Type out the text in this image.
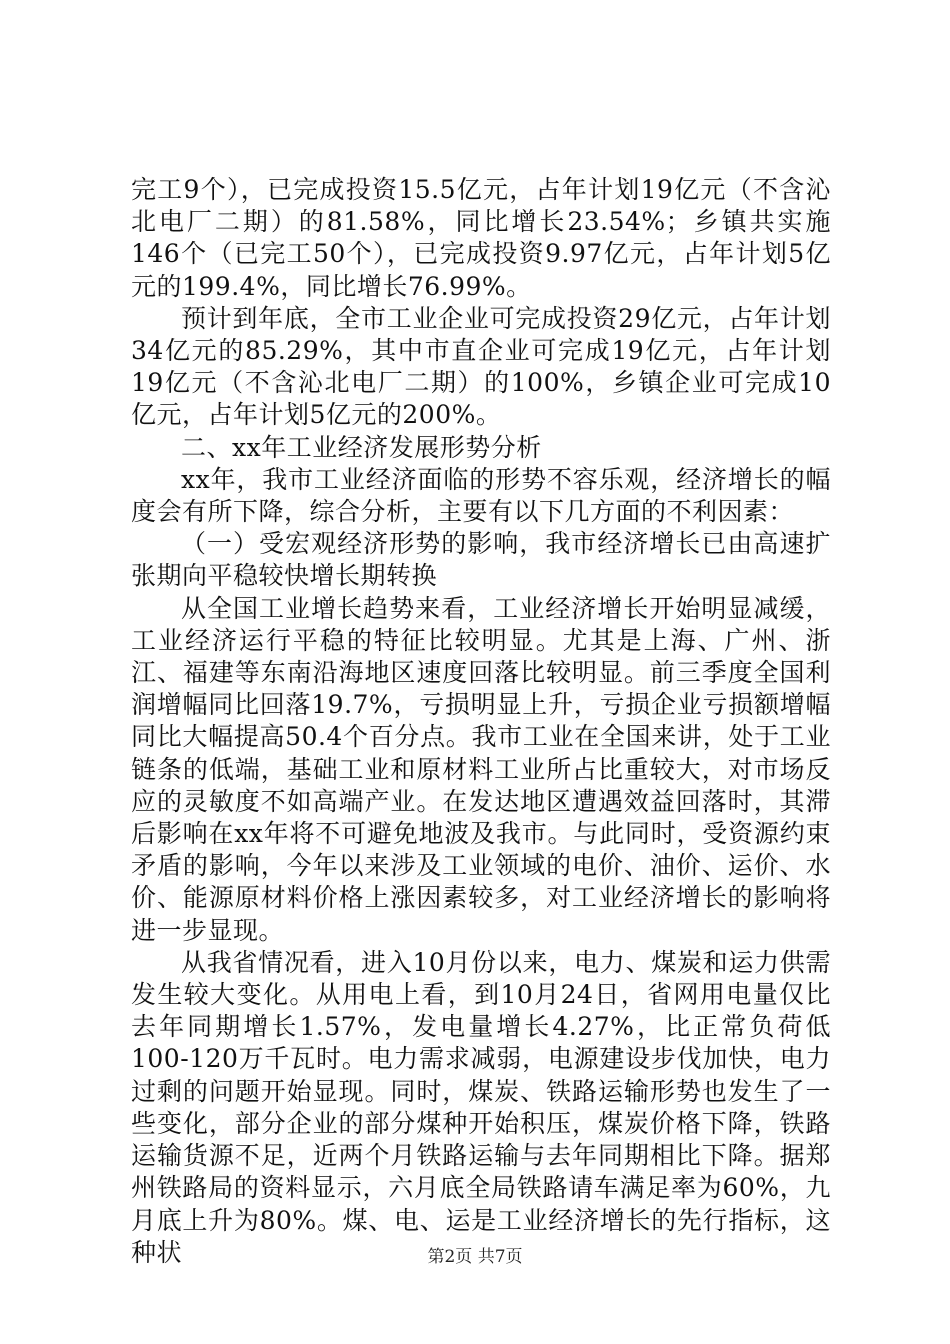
完工9个），已完成投资15.5亿元，占年计划19亿元（不含沁北电厂二期）的81.58%，同比增长23.54%；乡镇共实施146个（已完工50个），已完成投资9.97亿元，占年计划5亿元的199.4%，同比增长76.99%。

预计到年底，全市工业企业可完成投资29亿元，占年计划34亿元的85.29%，其中市直企业可完成19亿元，占年计划19亿元（不含沁北电厂二期）的100%，乡镇企业可完成10亿元，占年计划5亿元的200%。

二、xx年工业经济发展形势分析

xx年，我市工业经济面临的形势不容乐观，经济增长的幅度会有所下降，综合分析，主要有以下几方面的不利因素：

（一）受宏观经济形势的影响，我市经济增长已由高速扩张期向平稳较快增长期转换

从全国工业增长趋势来看，工业经济增长开始明显减缓，工业经济运行平稳的特征比较明显。尤其是上海、广州、浙江、福建等东南沿海地区速度回落比较明显。前三季度全国利润增幅同比回落19.7%，亏损明显上升，亏损企业亏损额增幅同比大幅提高50.4个百分点。我市工业在全国来讲，处于工业链条的低端，基础工业和原材料工业所占比重较大，对市场反应的灵敏度不如高端产业。在发达地区遭遇效益回落时，其滞后影响在xx年将不可避免地波及我市。与此同时，受资源约束矛盾的影响，今年以来涉及工业领域的电价、油价、运价、水价、能源原材料价格上涨因素较多，对工业经济增长的影响将进一步显现。

从我省情况看，进入10月份以来，电力、煤炭和运力供需发生较大变化。从用电上看，到10月24日，省网用电量仅比去年同期增长1.57%，发电量增长4.27%，比正常负荷低100-120万千瓦时。电力需求减弱，电源建设步伐加快，电力过剩的问题开始显现。同时，煤炭、铁路运输形势也发生了一些变化，部分企业的部分煤种开始积压，煤炭价格下降，铁路运输货源不足，近两个月铁路运输与去年同期相比下降。据郑州铁路局的资料显示，六月底全局铁路请车满足率为60%，九月底上升为80%。煤、电、运是工业经济增长的先行指标，这种状	第2页 共7页
